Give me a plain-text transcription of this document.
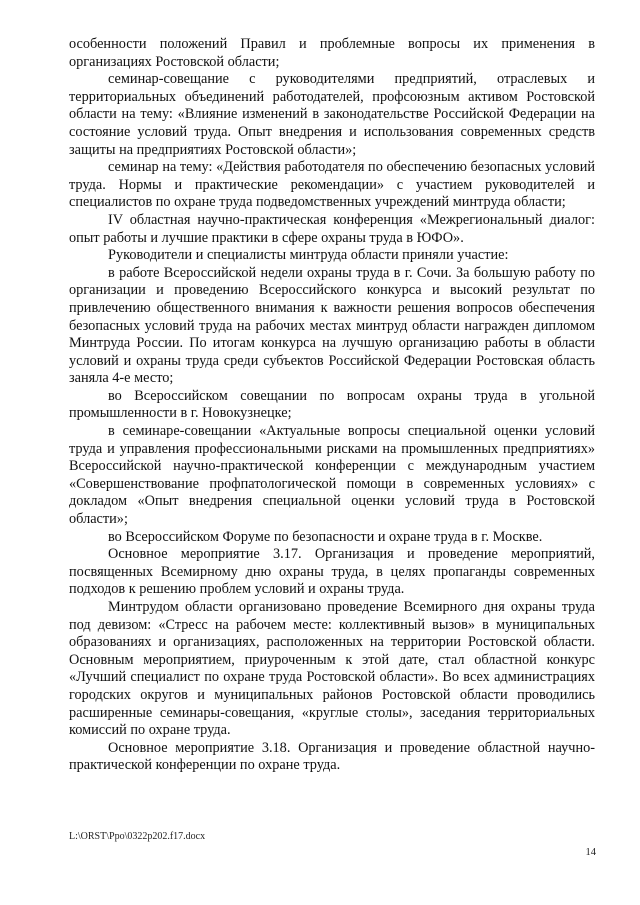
особенности положений Правил и проблемные вопросы их применения в организациях Ростовской области;

семинар-совещание с руководителями предприятий, отраслевых и территориальных объединений работодателей, профсоюзным активом Ростовской области на тему: «Влияние изменений в законодательстве Российской Федерации на состояние условий труда. Опыт внедрения и использования современных средств защиты на предприятиях Ростовской области»;

семинар на тему: «Действия работодателя по обеспечению безопасных условий труда. Нормы и практические рекомендации» с участием руководителей и специалистов по охране труда подведомственных учреждений минтруда области;

IV областная научно-практическая конференция «Межрегиональный диалог: опыт работы и лучшие практики в сфере охраны труда в ЮФО».

Руководители и специалисты минтруда области приняли участие:

в работе Всероссийской недели охраны труда в г. Сочи. За большую работу по организации и проведению Всероссийского конкурса и высокий результат по привлечению общественного внимания к важности решения вопросов обеспечения безопасных условий труда на рабочих местах минтруд области награжден дипломом Минтруда России. По итогам конкурса на лучшую организацию работы в области условий и охраны труда среди субъектов Российской Федерации Ростовская область заняла 4-е место;

во Всероссийском совещании по вопросам охраны труда в угольной промышленности в г. Новокузнецке;

в семинаре-совещании «Актуальные вопросы специальной оценки условий труда и управления профессиональными рисками на промышленных предприятиях» Всероссийской научно-практической конференции с международным участием «Совершенствование профпатологической помощи в современных условиях» с докладом «Опыт внедрения специальной оценки условий труда в Ростовской области»;

во Всероссийском Форуме по безопасности и охране труда в г. Москве.

Основное мероприятие 3.17. Организация и проведение мероприятий, посвященных Всемирному дню охраны труда, в целях пропаганды современных подходов к решению проблем условий и охраны труда.

Минтрудом области организовано проведение Всемирного дня охраны труда под девизом: «Стресс на рабочем месте: коллективный вызов» в муниципальных образованиях и организациях, расположенных на территории Ростовской области. Основным мероприятием, приуроченным к этой дате, стал областной конкурс «Лучший специалист по охране труда Ростовской области». Во всех администрациях городских округов и муниципальных районов Ростовской области проводились расширенные семинары-совещания, «круглые столы», заседания территориальных комиссий по охране труда.

Основное мероприятие 3.18. Организация и проведение областной научно-практической конференции по охране труда.

L:\ORST\Ppo\0322p202.f17.docx
14
